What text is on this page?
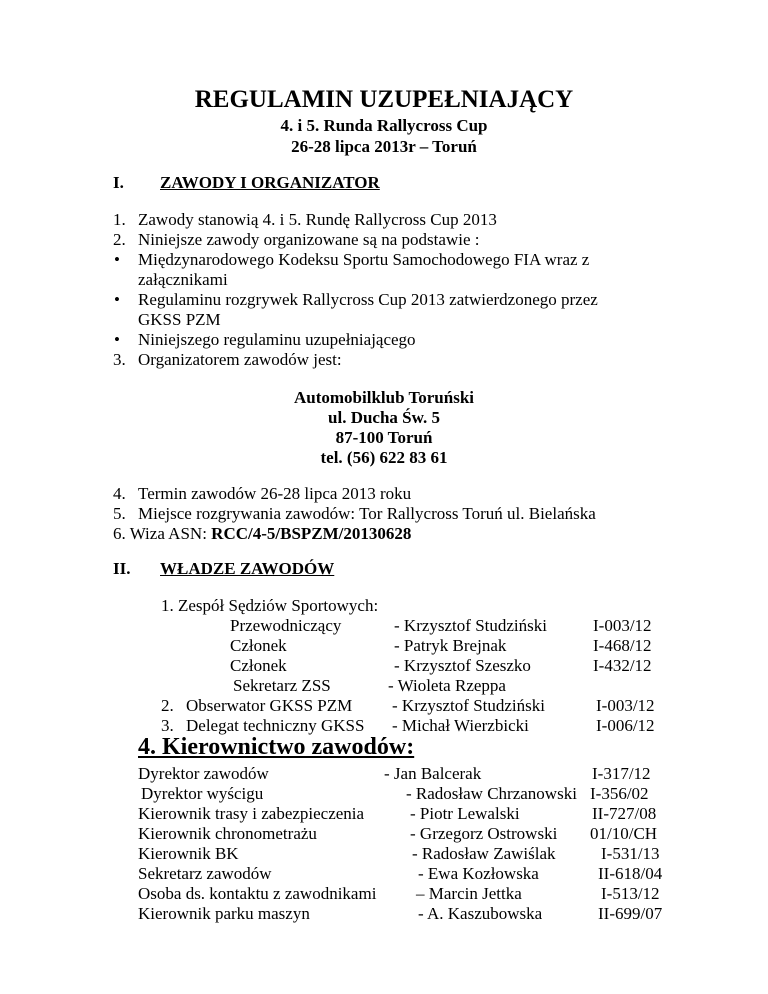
REGULAMIN UZUPEŁNIAJĄCY
4. i 5. Runda Rallycross Cup
26-28 lipca 2013r – Toruń
I. ZAWODY I ORGANIZATOR
1. Zawody stanowią 4. i 5. Rundę Rallycross Cup 2013
2. Niniejsze zawody organizowane są na podstawie :
• Międzynarodowego Kodeksu Sportu Samochodowego FIA wraz z
załącznikami
• Regulaminu rozgrywek Rallycross Cup 2013 zatwierdzonego przez
GKSS PZM
• Niniejszego regulaminu uzupełniającego
3. Organizatorem zawodów jest:
Automobilklub Toruński
ul. Ducha Św. 5
87-100 Toruń
tel. (56) 622 83 61
4. Termin zawodów 26-28 lipca 2013 roku
5. Miejsce rozgrywania zawodów: Tor Rallycross Toruń ul. Bielańska
6. Wiza ASN: RCC/4-5/BSPZM/20130628
II. WŁADZE ZAWODÓW
1. Zespół Sędziów Sportowych:
Przewodniczący	- Krzysztof Studziński	I-003/12
Członek	- Patryk Brejnak	I-468/12
Członek	- Krzysztof Szeszko	I-432/12
Sekretarz ZSS	- Wioleta Rzeppa
2. Obserwator GKSS PZM - Krzysztof Studziński	I-003/12
3. Delegat techniczny GKSS - Michał Wierzbicki	I-006/12
4. Kierownictwo zawodów:
Dyrektor zawodów	- Jan Balcerak	I-317/12
Dyrektor wyścigu	- Radosław Chrzanowski I-356/02
Kierownik trasy i zabezpieczenia	- Piotr Lewalski	II-727/08
Kierownik chronometrażu	- Grzegorz Ostrowski 01/10/CH
Kierownik BK	- Radosław Zawiślak	I-531/13
Sekretarz zawodów	- Ewa Kozłowska	II-618/04
Osoba ds. kontaktu z zawodnikami – Marcin Jettka	I-513/12
Kierownik parku maszyn	- A. Kaszubowska	II-699/07
